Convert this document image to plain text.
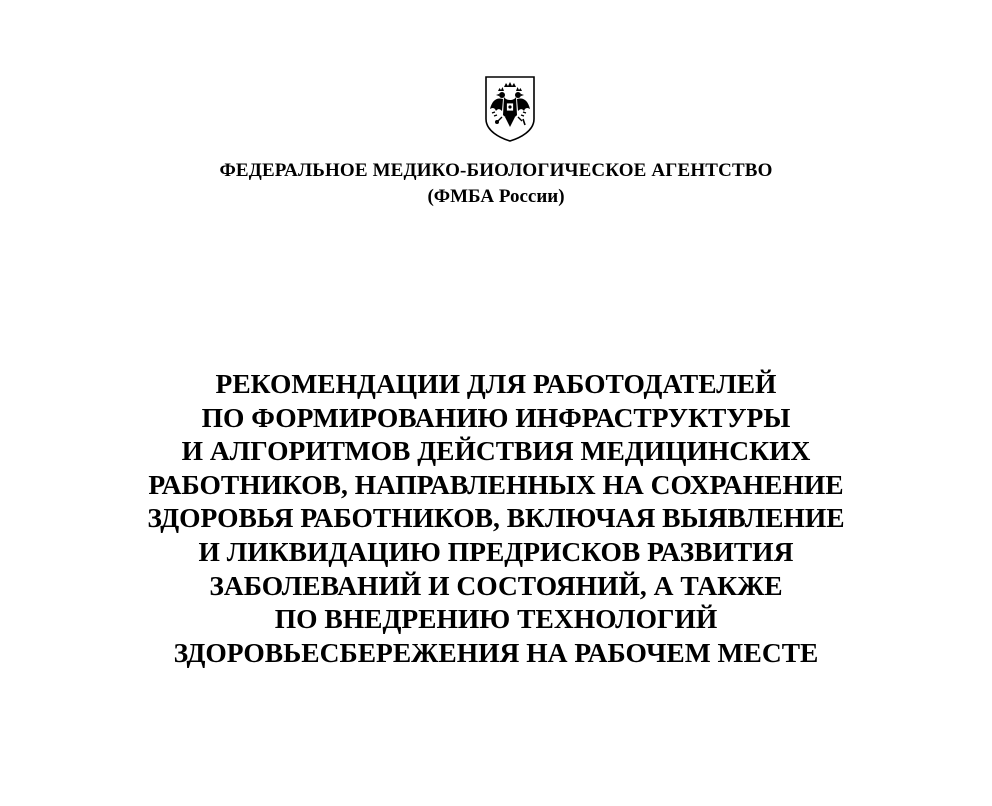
ФЕДЕРАЛЬНОЕ МЕДИКО-БИОЛОГИЧЕСКОЕ АГЕНТСТВО
(ФМБА России)
РЕКОМЕНДАЦИИ ДЛЯ РАБОТОДАТЕЛЕЙ
ПО ФОРМИРОВАНИЮ ИНФРАСТРУКТУРЫ
И АЛГОРИТМОВ ДЕЙСТВИЯ МЕДИЦИНСКИХ
РАБОТНИКОВ, НАПРАВЛЕННЫХ НА СОХРАНЕНИЕ
ЗДОРОВЬЯ РАБОТНИКОВ, ВКЛЮЧАЯ ВЫЯВЛЕНИЕ
И ЛИКВИДАЦИЮ ПРЕДРИСКОВ РАЗВИТИЯ
ЗАБОЛЕВАНИЙ И СОСТОЯНИЙ, А ТАКЖЕ
ПО ВНЕДРЕНИЮ ТЕХНОЛОГИЙ
ЗДОРОВЬЕСБЕРЕЖЕНИЯ НА РАБОЧЕМ МЕСТЕ
